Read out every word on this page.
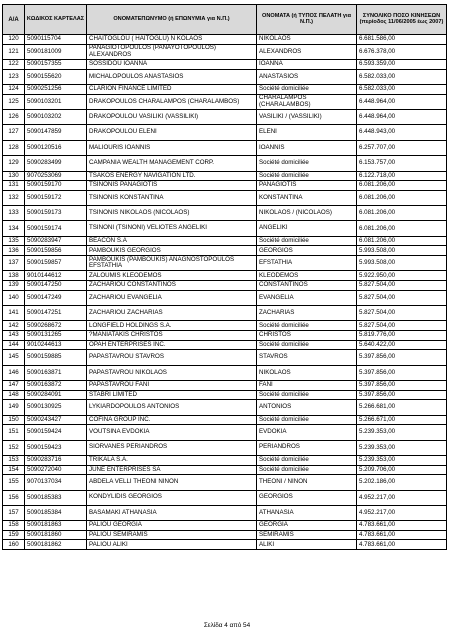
Α/Α	ΚΩΔΙΚΟΣ ΚΑΡΤΕΛΑΣ	ΟΝΟΜΑΤΕΠΩΝΥΜΟ (ή ΕΠΩΝΥΜΙΑ για Ν.Π.)	ΟΝΟΜΑΤΑ (ή ΤΥΠΟΣ ΠΕΛΑΤΗ για Ν.Π.)	ΣΥΝΟΛΙΚΟ ΠΟΣΟ ΚΙΝΗΣΕΩΝ (περίοδος 11/06/2005 έως 2007)
120	5090115704	CHAITOGLOU ( HAITOGLU) N KOLAOS	NIKOLAOS	6.681.586,00
121	5090181009	PANAGIOTOPOULOS (PANAYOTOPOULOS) ALEXANDROS	ALEXANDROS	6.676.378,00
122	5090157355	SOSSIDOU IOANNA	IOANNA	6.593.359,00
123	5090155620	MICHALOPOULOS ANASTASIOS	ANASTASIOS	6.582.033,00
124	5090251256	CLARION FINANCE LIMITED	Société domiciliée	6.582.033,00
125	5090103201	DRAKOPOULOS CHARALAMPOS (CHARALAMBOS)	CHARALAMPOS (CHARALAMBOS)	6.448.964,00
126	5090103202	DRAKOPOULOU VASILIKI (VASSILIKI)	VASILIKI / (VASSILIKI)	6.448.964,00
127	5090147859	DRAKOPOULOU ELENI	ELENI	6.448.943,00
128	5090120516	MALIOURIS IOANNIS	IOANNIS	6.257.707,00
129	5090283499	CAMPANIA WEALTH MANAGEMENT CORP.	Société domiciliée	6.153.757,00
130	9070253069	TSAKOS ENERGY NAVIGATION LTD.	Société domiciliée	6.122.718,00
131	5090159170	TSINONIS PANAGIOTIS	PANAGIOTIS	6.081.206,00
132	5090159172	TSINONIS KONSTANTINA	KONSTANTINA	6.081.206,00
133	5090159173	TSINONIS NIKOLAOS (NICOLAOS)	NIKOLAOS / (NICOLAOS)	6.081.206,00
134	5090159174	TSINONI (TSINONI) VELIOTES ANGELIKI	ANGELIKI	6.081.206,00
135	5090283947	BEACON S.A	Société domiciliée	6.081.206,00
136	5090159856	PAMBOUKIS GEORGIOS	GEORGIOS	5.993.508,00
137	5090159857	PAMBOUKIS (PAMBOUKIS) ANAGNOSTOPOULOS EFSTATHIA	EFSTATHIA	5.993.508,00
138	9010144612	ZALOUMIS KLEODEMOS	KLEODEMOS	5.922.950,00
139	5090147250	ZACHARIOU CONSTANTINOS	CONSTANTINOS	5.827.504,00
140	5090147249	ZACHARIOU EVANGELIA	EVANGELIA	5.827.504,00
141	5090147251	ZACHARIOU ZACHARIAS	ZACHARIAS	5.827.504,00
142	5090268672	LONGFIELD HOLDINGS S.A.	Société domiciliée	5.827.504,00
143	5090131265	?MANIATAKIS CHRISTOS	CHRISTOS	5.819.776,00
144	9010244613	OPAH ENTERPRISES INC.	Société domiciliée	5.640.422,00
145	5090159885	PAPASTAVROU STAVROS	STAVROS	5.397.856,00
146	5090163871	PAPASTAVROU NIKOLAOS	NIKOLAOS	5.397.856,00
147	5090163872	PAPASTAVROU FANI	FANI	5.397.856,00
148	5090284091	STABRI LIMITED	Société domiciliée	5.397.856,00
149	5090130925	LYKIARDOPOULOS ANTONIOS	ANTONIOS	5.266.681,00
150	5090243427	COFINA GROUP INC.	Société domiciliée	5.266.671,00
151	5090159424	VOUTSINA EVDOKIA	EVDOKIA	5.239.353,00
152	5090159423	SIORVANES PERIANDROS	PERIANDROS	5.239.353,00
153	5090283716	TRIKALA S.A.	Société domiciliée	5.239.353,00
154	5090272040	JUNE ENTERPRISES SA	Société domiciliée	5.209.706,00
155	9070137034	ABDELA VELLI THEONI NINON	THEONI / NINON	5.202.186,00
156	5090185383	KONDYLIDIS GEORGIOS	GEORGIOS	4.952.217,00
157	5090185384	BASAMAKI ATHANASIA	ATHANASIA	4.952.217,00
158	5090181863	PALIOU GEORGIA	GEORGIA	4.783.661,00
159	5090181860	PALIOU SEMIRAMIS	SEMIRAMIS	4.783.661,00
160	5090181862	PALIOU ALIKI	ALIKI	4.783.661,00
Σελίδα 4 από 54
